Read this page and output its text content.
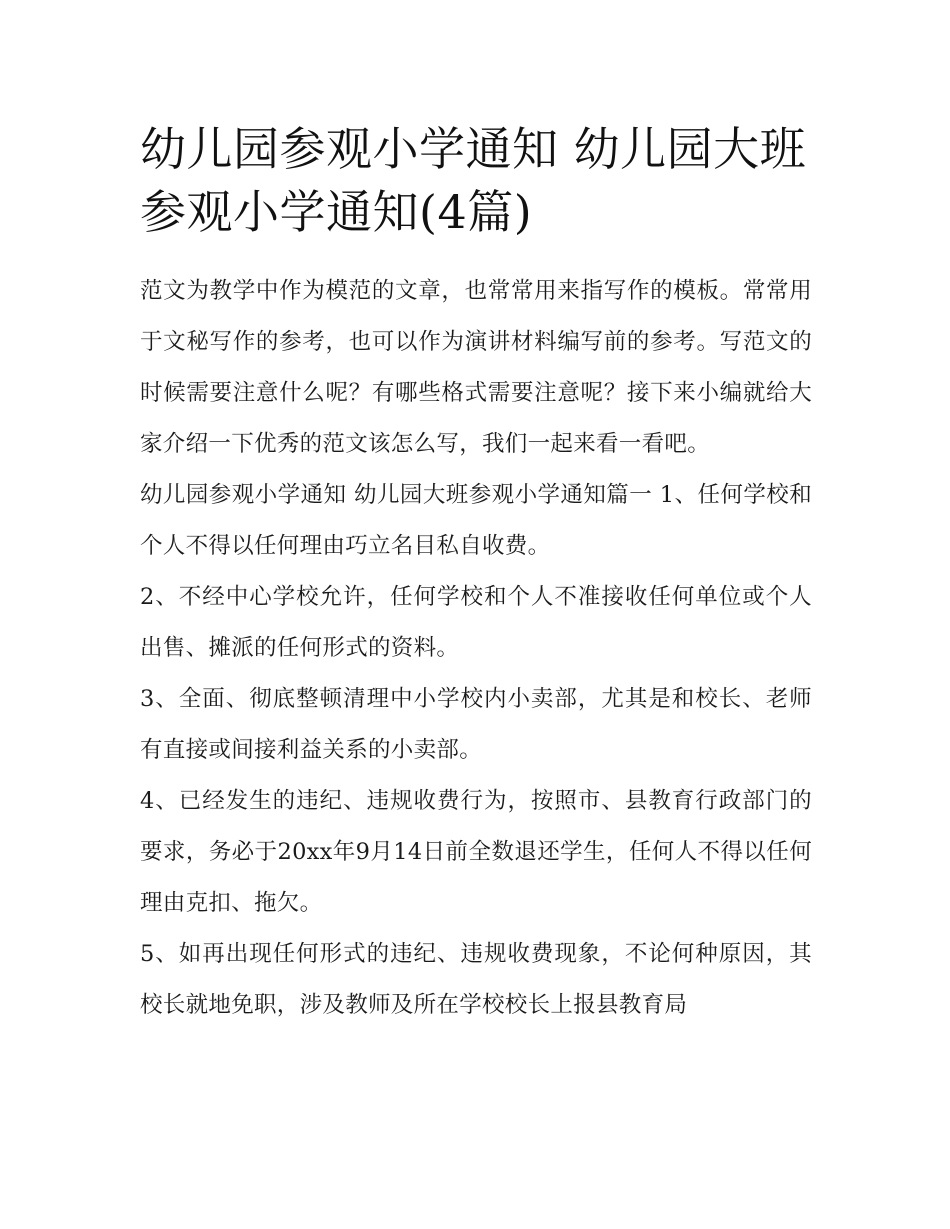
幼儿园参观小学通知 幼儿园大班参观小学通知(4篇)

范文为教学中作为模范的文章，也常常用来指写作的模板。常常用于文秘写作的参考，也可以作为演讲材料编写前的参考。写范文的时候需要注意什么呢？有哪些格式需要注意呢？接下来小编就给大家介绍一下优秀的范文该怎么写，我们一起来看一看吧。

幼儿园参观小学通知 幼儿园大班参观小学通知篇一 1、任何学校和个人不得以任何理由巧立名目私自收费。

2、不经中心学校允许，任何学校和个人不准接收任何单位或个人出售、摊派的任何形式的资料。

3、全面、彻底整顿清理中小学校内小卖部，尤其是和校长、老师有直接或间接利益关系的小卖部。

4、已经发生的违纪、违规收费行为，按照市、县教育行政部门的要求，务必于20xx年9月14日前全数退还学生，任何人不得以任何理由克扣、拖欠。

5、如再出现任何形式的违纪、违规收费现象，不论何种原因，其校长就地免职，涉及教师及所在学校校长上报县教育局
